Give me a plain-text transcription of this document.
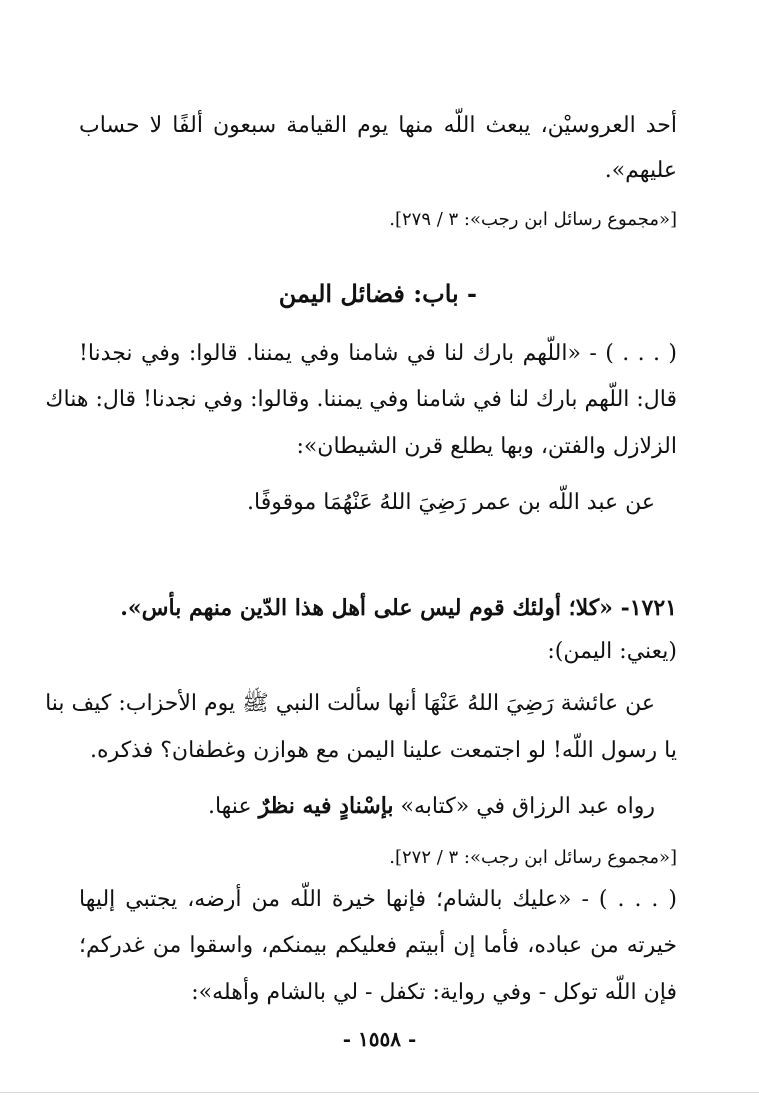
أحد العروسيْن، يبعث اللّه منها يوم القيامة سبعون ألفًا لا حساب
عليهم».
[«مجموع رسائل ابن رجب»: ٣ / ٢٧٩].
- باب: فضائل اليمن
( . . . ) - «اللّهم بارك لنا في شامنا وفي يمننا. قالوا: وفي نجدنا!
قال: اللّهم بارك لنا في شامنا وفي يمننا. وقالوا: وفي نجدنا! قال: هناك
الزلازل والفتن، وبها يطلع قرن الشيطان»:
عن عبد اللّه بن عمر رَضِيَ اللهُ عَنْهُمَا موقوفًا.
١٧٢١- «كلا؛ أولئك قوم ليس على أهل هذا الدّين منهم بأس».
(يعني: اليمن):
عن عائشة رَضِيَ اللهُ عَنْهَا أنها سألت النبي ﷺ يوم الأحزاب: كيف بنا
يا رسول اللّه! لو اجتمعت علينا اليمن مع هوازن وغطفان؟ فذكره.
رواه عبد الرزاق في «كتابه» بإسْنادٍ فيه نظرٌ عنها.
[«مجموع رسائل ابن رجب»: ٣ / ٢٧٢].
( . . . ) - «عليك بالشام؛ فإنها خيرة اللّه من أرضه، يجتبي إليها
خيرته من عباده، فأما إن أبيتم فعليكم بيمنكم، واسقوا من غدركم؛
فإن اللّه توكل - وفي رواية: تكفل - لي بالشام وأهله»:
- ١٥٥٨ -
